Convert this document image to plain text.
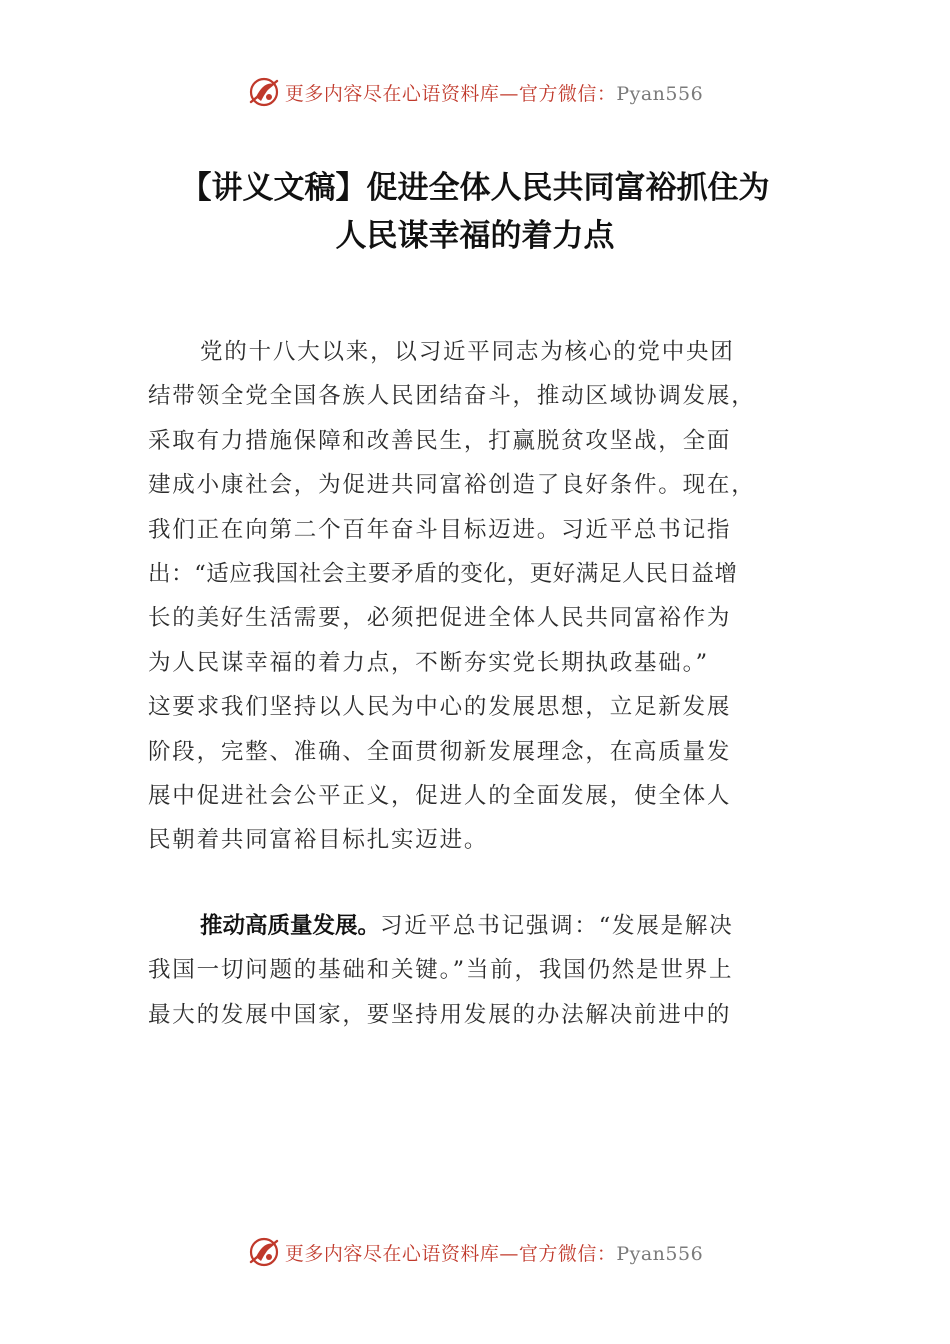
更多内容尽在心语资料库—官方微信：Pyan556
【讲义文稿】促进全体人民共同富裕抓住为
人民谋幸福的着力点
党的十八大以来，以习近平同志为核心的党中央团
结带领全党全国各族人民团结奋斗，推动区域协调发展，
采取有力措施保障和改善民生，打赢脱贫攻坚战，全面
建成小康社会，为促进共同富裕创造了良好条件。现在，
我们正在向第二个百年奋斗目标迈进。习近平总书记指
出：“适应我国社会主要矛盾的变化，更好满足人民日益增
长的美好生活需要，必须把促进全体人民共同富裕作为
为人民谋幸福的着力点，不断夯实党长期执政基础。”
这要求我们坚持以人民为中心的发展思想，立足新发展
阶段，完整、准确、全面贯彻新发展理念，在高质量发
展中促进社会公平正义，促进人的全面发展，使全体人
民朝着共同富裕目标扎实迈进。
推动高质量发展。习近平总书记强调：“发展是解决
我国一切问题的基础和关键。”当前，我国仍然是世界上
最大的发展中国家，要坚持用发展的办法解决前进中的
更多内容尽在心语资料库—官方微信：Pyan556
